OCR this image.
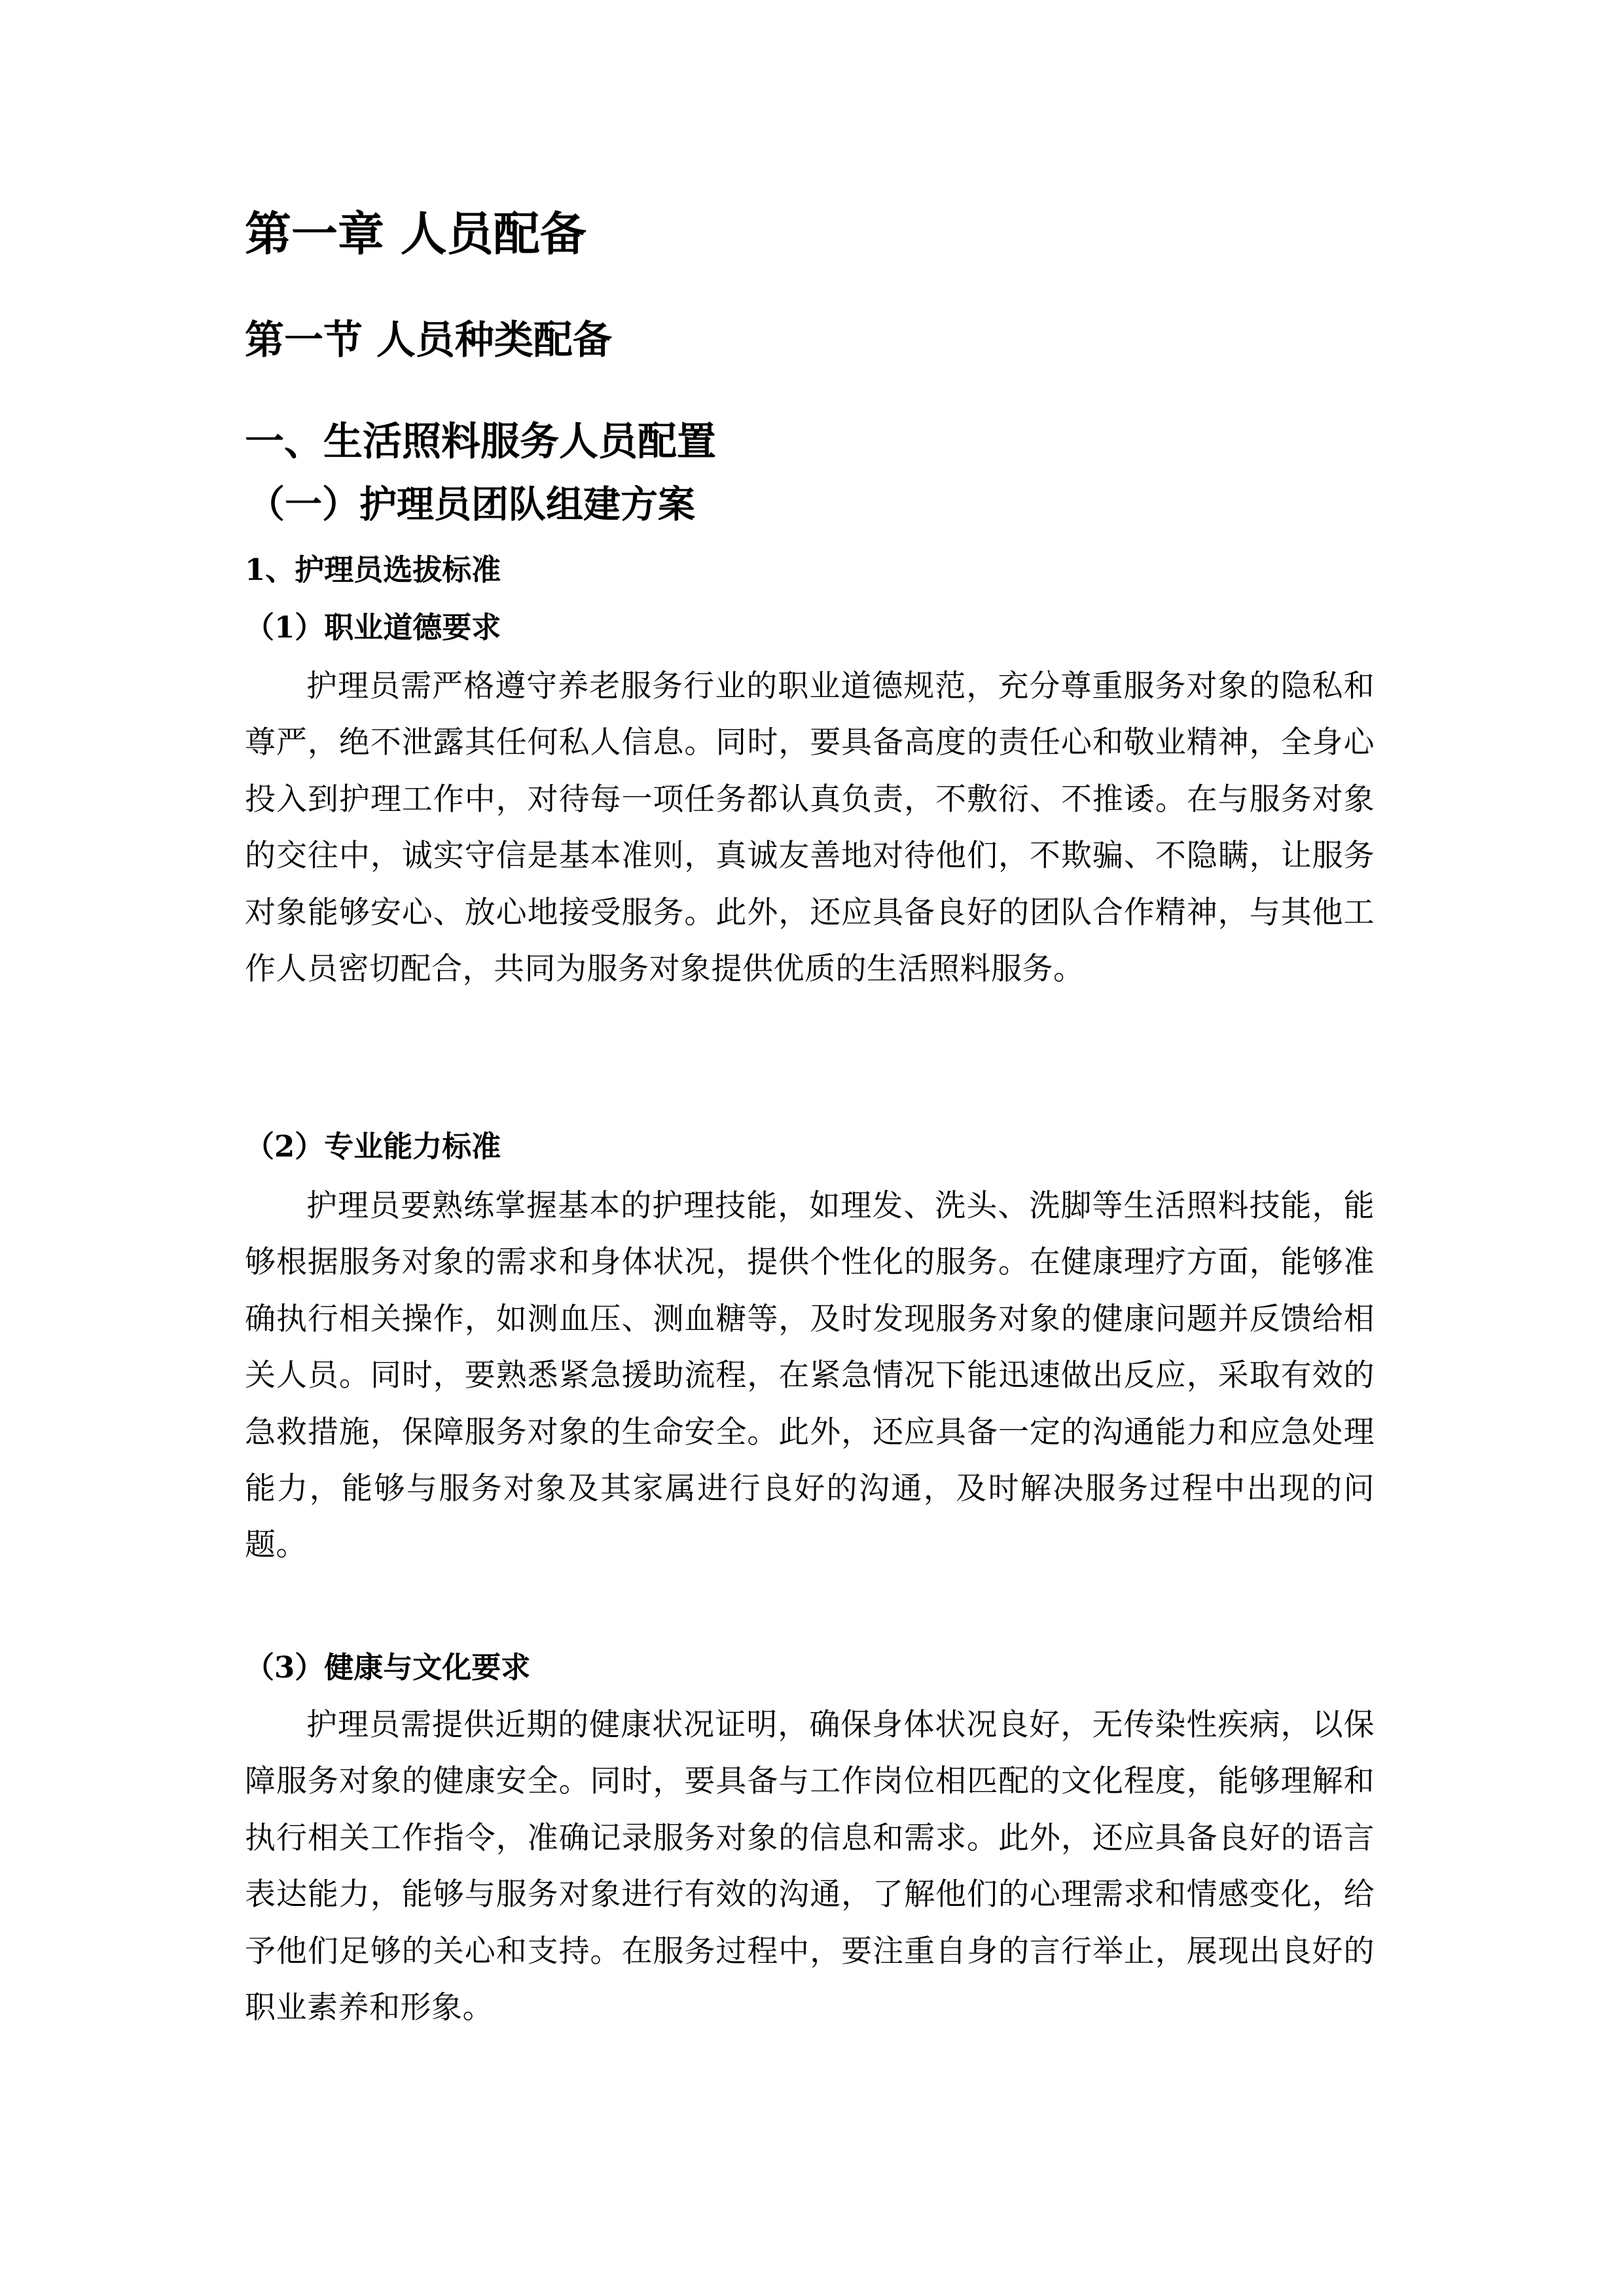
第一章 人员配备
第一节 人员种类配备
一、生活照料服务人员配置
（一）护理员团队组建方案
1、护理员选拔标准
（1）职业道德要求

护理员需严格遵守养老服务行业的职业道德规范，充分尊重服务对象的隐私和尊严，绝不泄露其任何私人信息。同时，要具备高度的责任心和敬业精神，全身心投入到护理工作中，对待每一项任务都认真负责，不敷衍、不推诿。在与服务对象的交往中，诚实守信是基本准则，真诚友善地对待他们，不欺骗、不隐瞒，让服务对象能够安心、放心地接受服务。此外，还应具备良好的团队合作精神，与其他工作人员密切配合，共同为服务对象提供优质的生活照料服务。

（2）专业能力标准

护理员要熟练掌握基本的护理技能，如理发、洗头、洗脚等生活照料技能，能够根据服务对象的需求和身体状况，提供个性化的服务。在健康理疗方面，能够准确执行相关操作，如测血压、测血糖等，及时发现服务对象的健康问题并反馈给相关人员。同时，要熟悉紧急援助流程，在紧急情况下能迅速做出反应，采取有效的急救措施，保障服务对象的生命安全。此外，还应具备一定的沟通能力和应急处理能力，能够与服务对象及其家属进行良好的沟通，及时解决服务过程中出现的问题。

（3）健康与文化要求

护理员需提供近期的健康状况证明，确保身体状况良好，无传染性疾病，以保障服务对象的健康安全。同时，要具备与工作岗位相匹配的文化程度，能够理解和执行相关工作指令，准确记录服务对象的信息和需求。此外，还应具备良好的语言表达能力，能够与服务对象进行有效的沟通，了解他们的心理需求和情感变化，给予他们足够的关心和支持。在服务过程中，要注重自身的言行举止，展现出良好的职业素养和形象。
